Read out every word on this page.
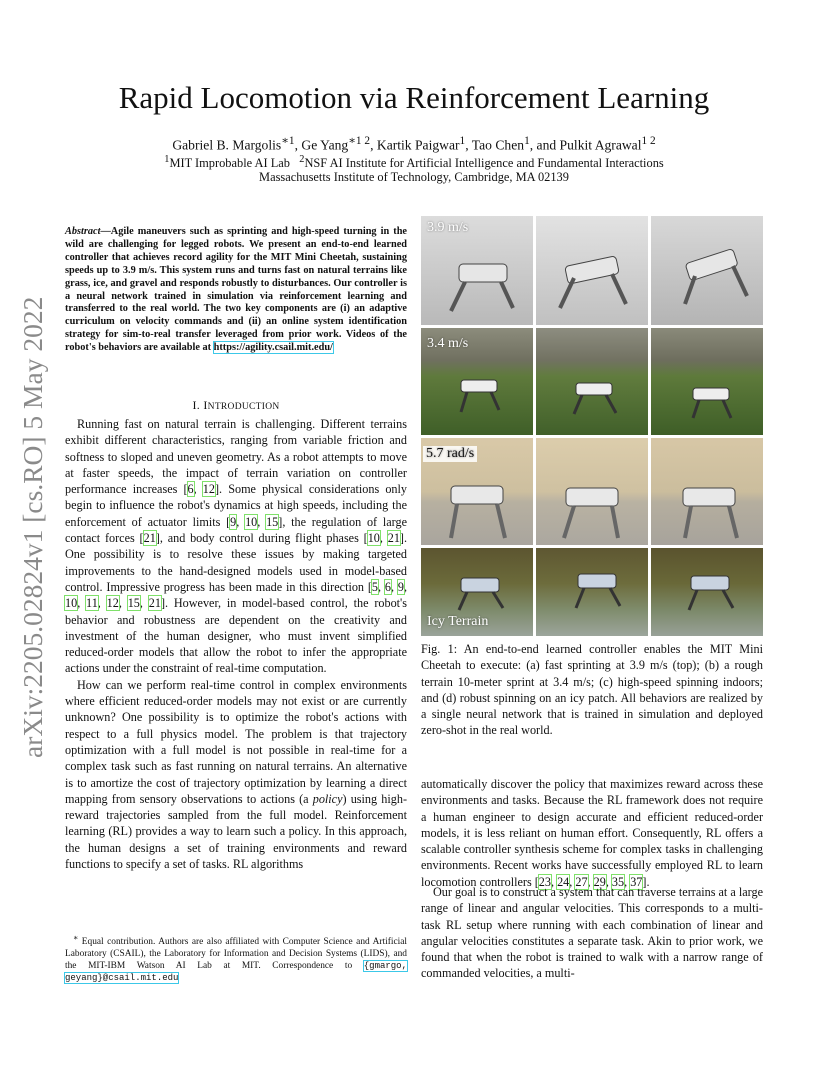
Rapid Locomotion via Reinforcement Learning
Gabriel B. Margolis$^{∗1}$, Ge Yang$^{∗1 2}$, Kartik Paigwar$^1$, Tao Chen$^1$, and Pulkit Agrawal$^{1 2}$
$^1$MIT Improbable AI Lab $^2$NSF AI Institute for Artificial Intelligence and Fundamental Interactions
Massachusetts Institute of Technology, Cambridge, MA 02139
arXiv:2205.02824v1 [cs.RO] 5 May 2022
Abstract—Agile maneuvers such as sprinting and high-speed turning in the wild are challenging for legged robots. We present an end-to-end learned controller that achieves record agility for the MIT Mini Cheetah, sustaining speeds up to 3.9 m/s. This system runs and turns fast on natural terrains like grass, ice, and gravel and responds robustly to disturbances. Our controller is a neural network trained in simulation via reinforcement learning and transferred to the real world. The two key components are (i) an adaptive curriculum on velocity commands and (ii) an online system identification strategy for sim-to-real transfer leveraged from prior work. Videos of the robot's behaviors are available at https://agility.csail.mit.edu/
I. INTRODUCTION

Running fast on natural terrain is challenging. Different terrains exhibit different characteristics, ranging from variable friction and softness to sloped and uneven geometry. As a robot attempts to move at faster speeds, the impact of terrain variation on controller performance increases [6, 12]. Some physical considerations only begin to influence the robot's dynamics at high speeds, including the enforcement of actuator limits [9, 10, 15], the regulation of large contact forces [21], and body control during flight phases [10, 21]. One possibility is to resolve these issues by making targeted improvements to the hand-designed models used in model-based control. Impressive progress has been made in this direction [5, 6, 9, 10, 11, 12, 15, 21]. However, in model-based control, the robot's behavior and robustness are dependent on the creativity and investment of the human designer, who must invent simplified reduced-order models that allow the robot to infer the appropriate actions under the constraint of real-time computation.

How can we perform real-time control in complex environments where efficient reduced-order models may not exist or are currently unknown? One possibility is to optimize the robot's actions with respect to a full physics model. The problem is that trajectory optimization with a full model is not possible in real-time for a complex task such as fast running on natural terrains. An alternative is to amortize the cost of trajectory optimization by learning a direct mapping from sensory observations to actions (a policy) using high-reward trajectories sampled from the full model. Reinforcement learning (RL) provides a way to learn such a policy. In this approach, the human designs a set of training environments and reward functions to specify a set of tasks. RL algorithms

∗ Equal contribution. Authors are also affiliated with Computer Science and Artificial Laboratory (CSAIL), the Laboratory for Information and Decision Systems (LIDS), and the MIT-IBM Watson AI Lab at MIT. Correspondence to {gmargo, geyang}@csail.mit.edu
3.9 m/s
3.4 m/s
5.7 rad/s
Icy Terrain
Fig. 1: An end-to-end learned controller enables the MIT Mini Cheetah to execute: (a) fast sprinting at 3.9 m/s (top); (b) a rough terrain 10-meter sprint at 3.4 m/s; (c) high-speed spinning indoors; and (d) robust spinning on an icy patch. All behaviors are realized by a single neural network that is trained in simulation and deployed zero-shot in the real world.

automatically discover the policy that maximizes reward across these environments and tasks. Because the RL framework does not require a human engineer to design accurate and efficient reduced-order models, it is less reliant on human effort. Consequently, RL offers a scalable controller synthesis scheme for complex tasks in challenging environments. Recent works have successfully employed RL to learn locomotion controllers [23, 24, 27, 29, 35, 37].

Our goal is to construct a system that can traverse terrains at a large range of linear and angular velocities. This corresponds to a multi-task RL setup where running with each combination of linear and angular velocities constitutes a separate task. Akin to prior work, we found that when the robot is trained to walk with a narrow range of commanded velocities, a multi-
